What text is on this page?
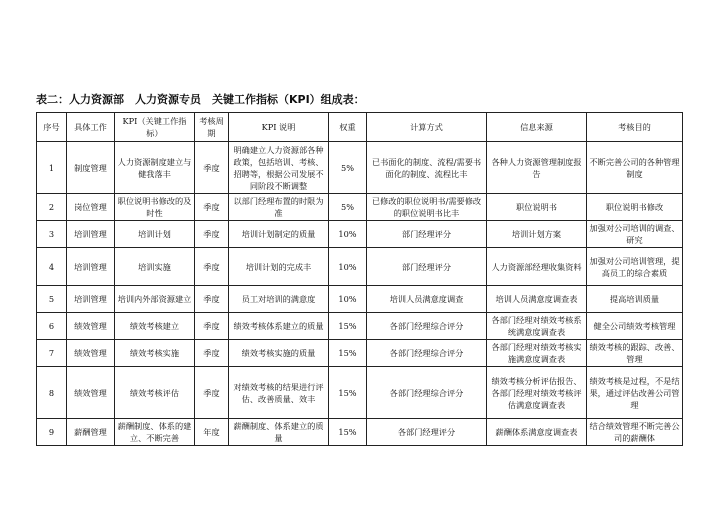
表二：人力资源部　人力资源专员　关键工作指标（KPI）组成表：
序号	具体工作	KPI（关键工作指标）	考核周期	KPI 说明	权重	计算方式	信息来源	考核目的
1	制度管理	人力资源制度建立与健我落丰	季度	明确建立人力资源部各种政策，包括培训、考核、招聘等，根据公司发展不同阶段不断调整	5%	已书面化的制度、流程/需要书面化的制度、流程比丰	各种人力资源管理制度报告	不断完善公司的各种管理制度
2	岗位管理	职位说明书修改的及时性	季度	以部门经理布置的时限为准	5%	已修改的职位说明书/需要修改的职位说明书比丰	职位说明书	职位说明书修改
3	培训管理	培训计划	季度	培训计划制定的质量	10%	部门经理评分	培训计划方案	加强对公司培训的调查、研究
4	培训管理	培训实施	季度	培训计划的完成丰	10%	部门经理评分	人力资源部经理收集资料	加强对公司培训管理，提高员工的综合素质
5	培训管理	培训内外部资源建立	季度	员工对培训的满意度	10%	培训人员满意度调查	培训人员满意度调查表	提高培训质量
6	绩效管理	绩效考核建立	季度	绩效考核体系建立的质量	15%	各部门经理综合评分	各部门经理对绩效考核系统满意度调查表	健全公司绩效考核管理
7	绩效管理	绩效考核实施	季度	绩效考核实施的质量	15%	各部门经理综合评分	各部门经理对绩效考核实施满意度调查表	绩效考核的跟踪、改善、管理
8	绩效管理	绩效考核评估	季度	对绩效考核的结果进行评估、改善质量、效丰	15%	各部门经理综合评分	绩效考核分析评估报告、各部门经理对绩效考核评估满意度调查表	绩效考核是过程，不是结果，通过评估改善公司管理
9	薪酬管理	薪酬制度、体系的建立、不断完善	年度	薪酬制度、体系建立的质量	15%	各部门经理评分	薪酬体系满意度调查表	结合绩效管理不断完善公司的薪酬体
